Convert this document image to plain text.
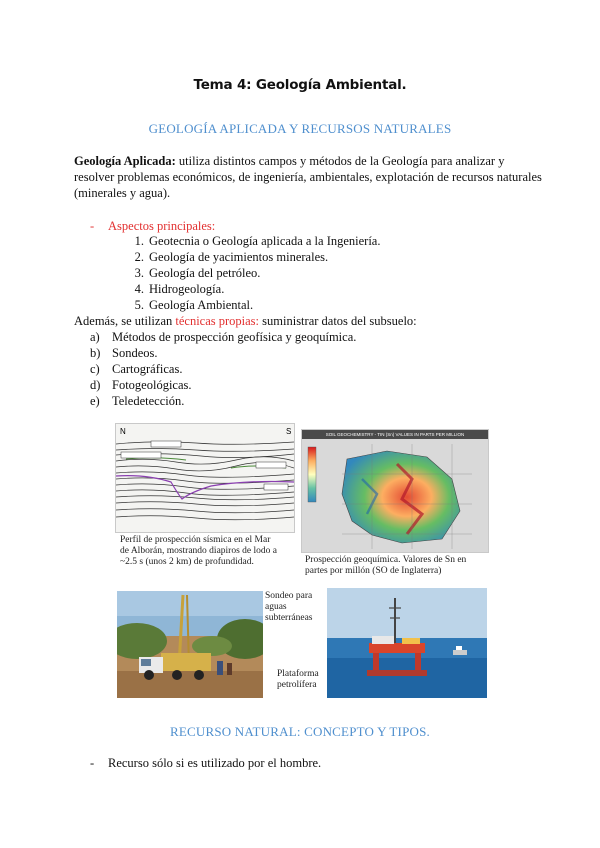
Tema 4: Geología Ambiental.
GEOLOGÍA APLICADA Y RECURSOS NATURALES
Geología Aplicada: utiliza distintos campos y métodos de la Geología para analizar y resolver problemas económicos, de ingeniería, ambientales, explotación de recursos naturales (minerales y agua).
- Aspectos principales:
1. Geotecnia o Geología aplicada a la Ingeniería.
2. Geología de yacimientos minerales.
3. Geología del petróleo.
4. Hidrogeología.
5. Geología Ambiental.
Además, se utilizan técnicas propias: suministrar datos del subsuelo:
a) Métodos de prospección geofísica y geoquímica.
b) Sondeos.
c) Cartográficas.
d) Fotogeológicas.
e) Teledetección.
N	S
Perfil de prospección sísmica en el Mar de Alborán, mostrando diapiros de lodo a ~2.5 s (unos 2 km) de profundidad.
SOIL GEOCHEMISTRY - TIN (Sn) VALUES IN PARTS PER MILLION
Prospección geoquímica. Valores de Sn en partes por millón (SO de Inglaterra)
Sondeo para aguas subterráneas
Plataforma petrolífera
RECURSO NATURAL: CONCEPTO Y TIPOS.
- Recurso sólo si es utilizado por el hombre.
